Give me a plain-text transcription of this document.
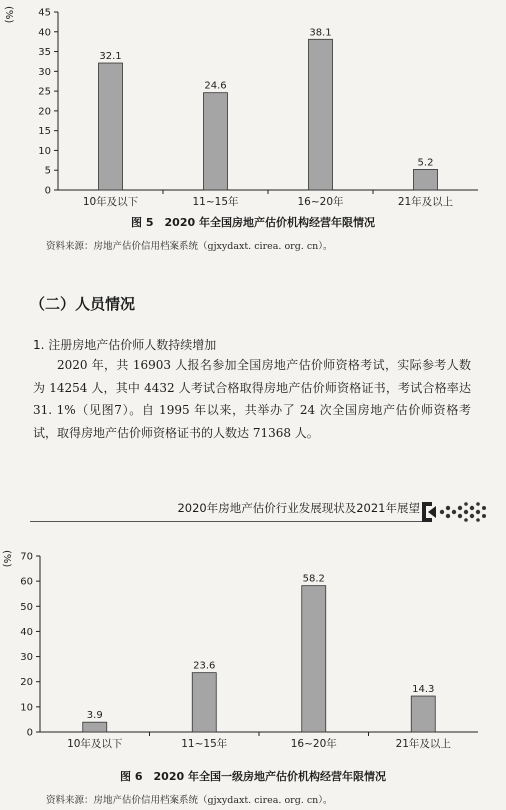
0
5
10
15
20
25
30
35
40
45
(%)
32.1
10年及以下
24.6
11~15年
38.1
16~20年
5.2
21年及以上
图 5　2020 年全国房地产估价机构经营年限情况
资料来源：房地产估价信用档案系统（gjxydaxt. cirea. org. cn）。
（二）人员情况
1. 注册房地产估价师人数持续增加

2020 年，共 16903 人报名参加全国房地产估价师资格考试，实际参考人数为 14254 人，其中 4432 人考试合格取得房地产估价师资格证书，考试合格率达 31. 1%（见图7）。自 1995 年以来，共举办了 24 次全国房地产估价师资格考试，取得房地产估价师资格证书的人数达 71368 人。

2020年房地产估价行业发展现状及2021年展望
0
10
20
30
40
50
60
70
(%)
3.9
10年及以下
23.6
11~15年
58.2
16~20年
14.3
21年及以上
图 6　2020 年全国一级房地产估价机构经营年限情况
资料来源：房地产估价信用档案系统（gjxydaxt. cirea. org. cn）。
